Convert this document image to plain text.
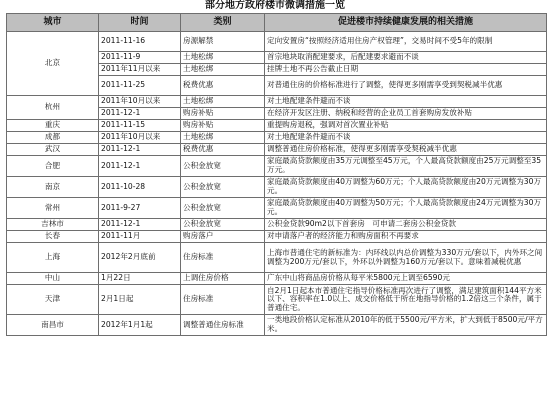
部分地方政府楼市微调措施一览
城市	时间	类别	促进楼市持续健康发展的相关措施
北京	2011-11-16	房源解禁	定向安置房“按照经济适用住房产权管理”，交易时间不受5年的限制
	2011-11-9	土地松绑	首宗地块取消配建要求，后配建要求避而不谈
	2011年11月以来	土地松绑	挂牌土地不再公告截止日期
	2011-11-25	税费优惠	对普通住房的价格标准进行了调整，使得更多刚需享受到契税减半优惠
杭州	2011年10月以来	土地松绑	对土地配建条件避而不谈
	2011-12-1	购房补贴	在经济开发区注册、纳税和经营的企业员工首套购房发放补贴
重庆	2011-11-15	购房补贴	重提购房退税，强调对首次置业补贴
成都	2011年10月以来	土地松绑	对土地配建条件避而不谈
武汉	2011-12-1	税费优惠	调整普通住房价格标准，使得更多刚需享受契税减半优惠
合肥	2011-12-1	公积金放宽	家庭最高贷款额度由35万元调整至45万元，个人最高贷款额度由25万元调整至35万元。
南京	2011-10-28	公积金放宽	家庭最高贷款额度由40万调整为60万元；个人最高贷款额度由20万元调整为30万元。
常州	2011-9-27	公积金放宽	家庭最高贷款额度由40万调整为50万元；个人最高贷款额度由24万元调整为30万元。
吉林市	2011-12-1	公积金放宽	公积金贷款90m2以下首套房　可申请二套房公积金贷款
长春	2011-11月	购房落户	对申请落户者的经济能力和购房面积不再要求
上海	2012年2月底前	住房标准	上海市普通住宅的新标准为：内环线以内总价调整为330万元/套以下，内外环之间调整为200万元/套以下，外环以外调整为160万元/套以下。意味着减税优惠
中山	1月22日	上调住房价格	广东中山将商品房价格从每平米5800元上调至6590元
天津	2月1日起	住房标准	自2月1日起本市普通住宅指导价格标准再次进行了调整，满足建筑面积144平方米以下、容积率在1.0以上、成交价格低于所在地指导价格的1.2倍这三个条件，属于普通住宅。
南昌市	2012年1月1起	调整普通住房标准	一类地段价格认定标准从2010年的低于5500元/平方米，扩大到低于8500元/平方米。
